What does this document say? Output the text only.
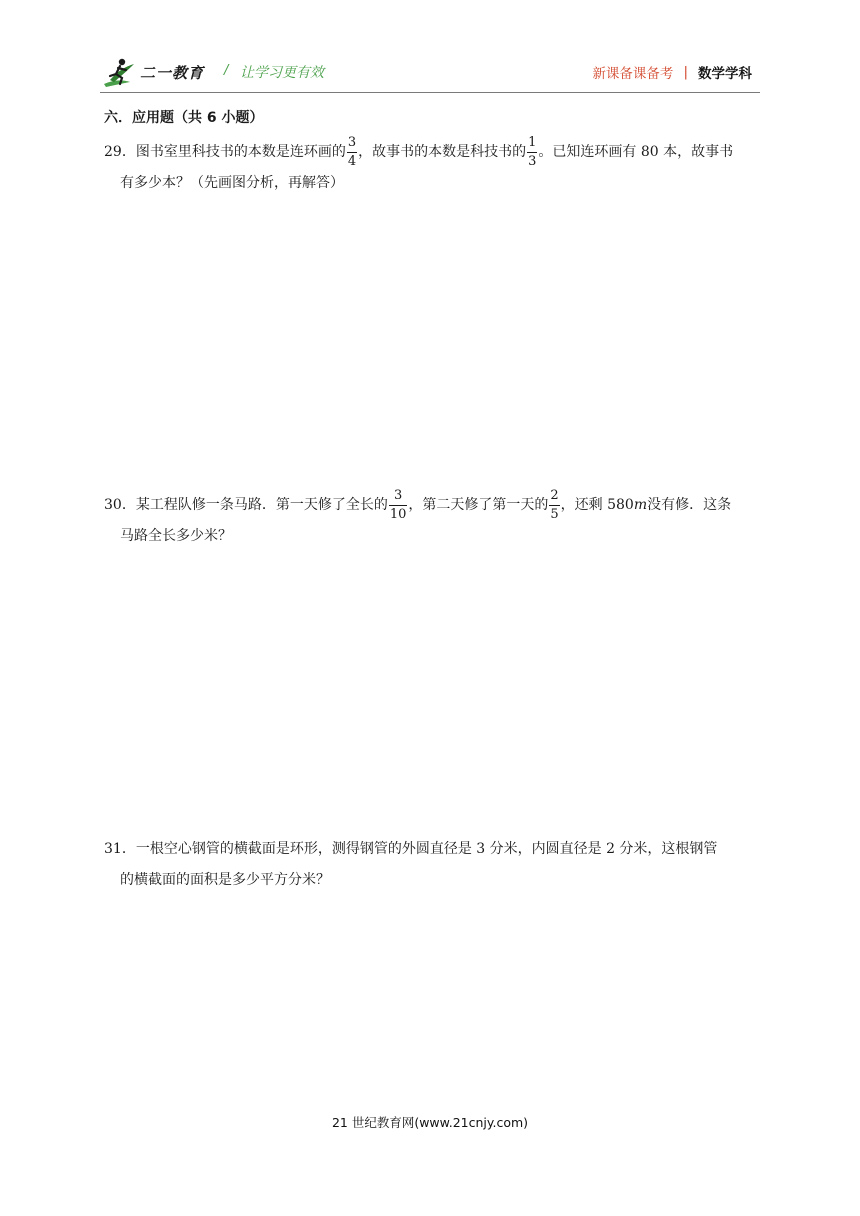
二一教育 / 让学习更有效	新课备课备考 | 数学学科
六．应用题（共 6 小题）
29．图书室里科技书的本数是连环画的 $\frac{3}{4}$ ，故事书的本数是科技书的 $\frac{1}{3}$ 。已知连环画有 80 本，故事书
有多少本？（先画图分析，再解答）
30．某工程队修一条马路．第一天修了全长的 $\frac{3}{10}$ ，第二天修了第一天的 $\frac{2}{5}$ ，还剩 580 m 没有修．这条
马路全长多少米？
31．一根空心钢管的横截面是环形，测得钢管的外圆直径是 3 分米，内圆直径是 2 分米，这根钢管
的横截面的面积是多少平方分米？
21 世纪教育网(www.21cnjy.com)
